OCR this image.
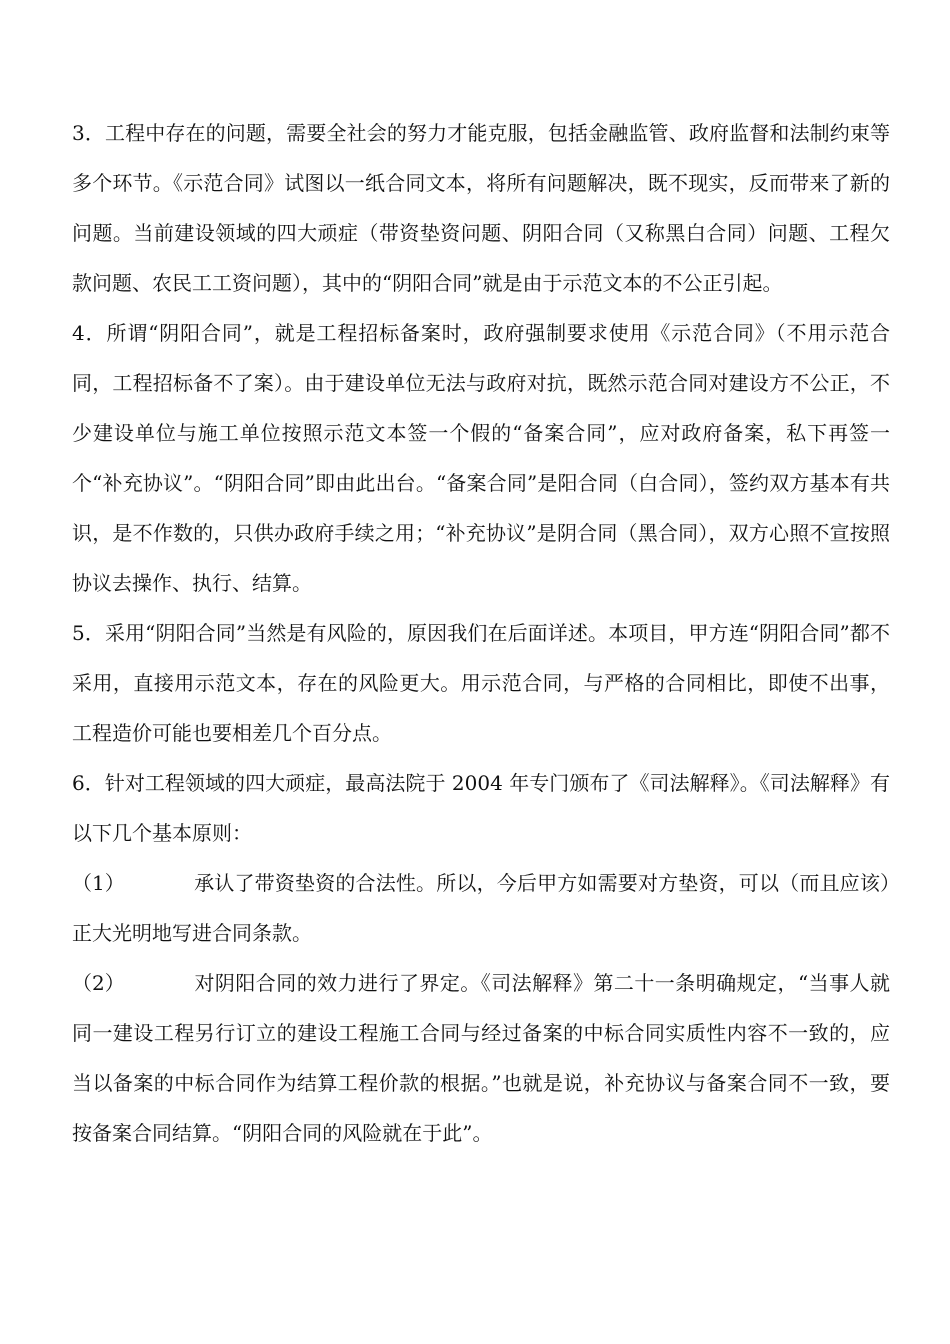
3．工程中存在的问题，需要全社会的努力才能克服，包括金融监管、政府监督和法制约束等多个环节。《示范合同》试图以一纸合同文本，将所有问题解决，既不现实，反而带来了新的问题。当前建设领域的四大顽症（带资垫资问题、阴阳合同（又称黑白合同）问题、工程欠款问题、农民工工资问题），其中的“阴阳合同”就是由于示范文本的不公正引起。

4．所谓“阴阳合同”，就是工程招标备案时，政府强制要求使用《示范合同》（不用示范合同，工程招标备不了案）。由于建设单位无法与政府对抗，既然示范合同对建设方不公正，不少建设单位与施工单位按照示范文本签一个假的“备案合同”，应对政府备案，私下再签一个“补充协议”。“阴阳合同”即由此出台。“备案合同”是阳合同（白合同），签约双方基本有共识，是不作数的，只供办政府手续之用；“补充协议”是阴合同（黑合同），双方心照不宣按照协议去操作、执行、结算。

5．采用“阴阳合同”当然是有风险的，原因我们在后面详述。本项目，甲方连“阴阳合同”都不采用，直接用示范文本，存在的风险更大。用示范合同，与严格的合同相比，即使不出事，工程造价可能也要相差几个百分点。

6．针对工程领域的四大顽症，最高法院于 2004 年专门颁布了《司法解释》。《司法解释》有以下几个基本原则：

（1）	承认了带资垫资的合法性。所以，今后甲方如需要对方垫资，可以（而且应该）正大光明地写进合同条款。

（2）	对阴阳合同的效力进行了界定。《司法解释》第二十一条明确规定，“当事人就同一建设工程另行订立的建设工程施工合同与经过备案的中标合同实质性内容不一致的，应当以备案的中标合同作为结算工程价款的根据。”也就是说，补充协议与备案合同不一致，要按备案合同结算。“阴阳合同的风险就在于此”。
